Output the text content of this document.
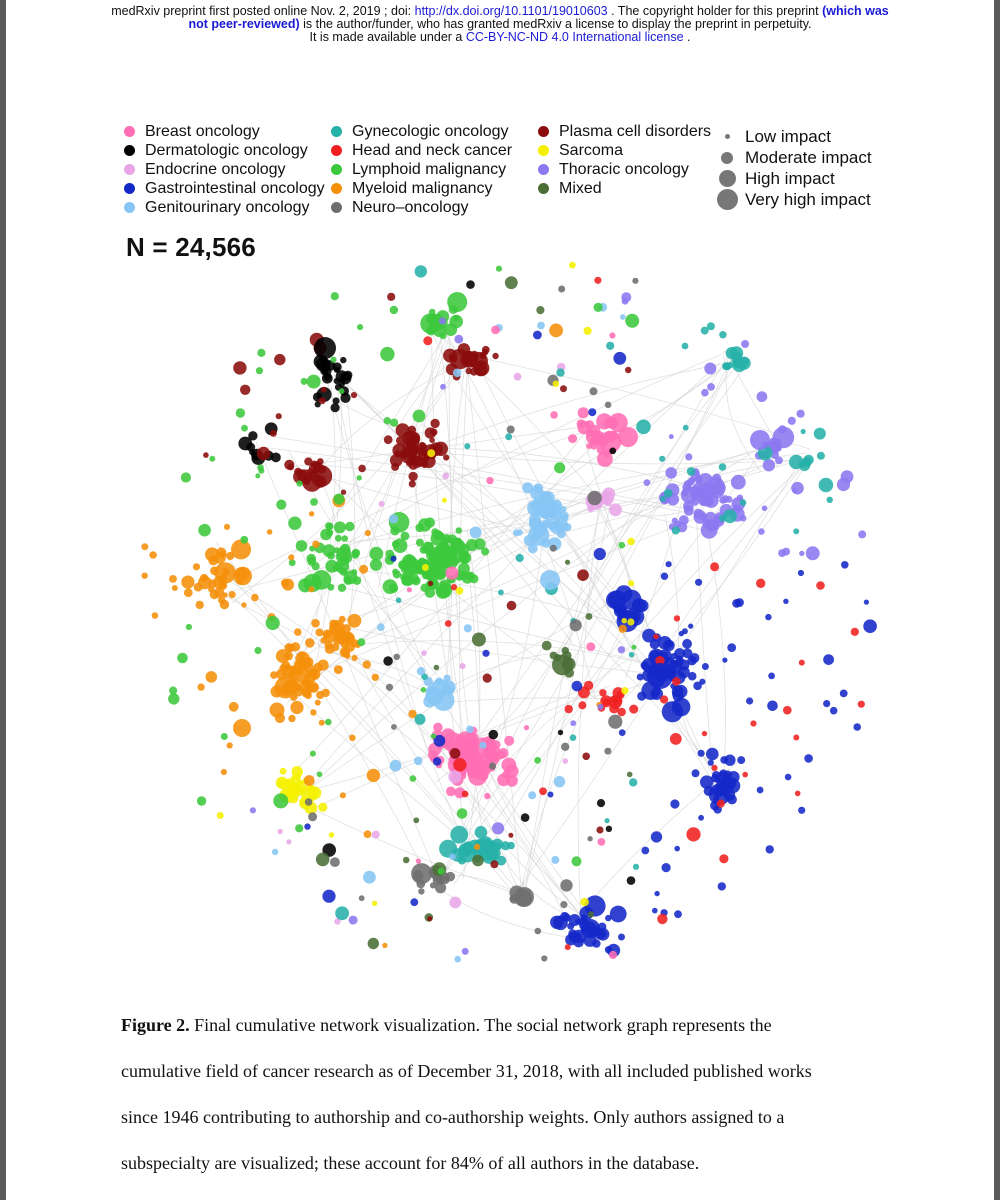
medRxiv preprint first posted online Nov. 2, 2019 ; doi: http://dx.doi.org/10.1101/19010603 . The copyright holder for this preprint (which was
not peer-reviewed) is the author/funder, who has granted medRxiv a license to display the preprint in perpetuity.
It is made available under a CC-BY-NC-ND 4.0 International license .
Breast oncology
Dermatologic oncology
Endocrine oncology
Gastrointestinal oncology
Genitourinary oncology
Gynecologic oncology
Head and neck cancer
Lymphoid malignancy
Myeloid malignancy
Neuro–oncology
Plasma cell disorders
Sarcoma
Thoracic oncology
Mixed
Low impact
Moderate impact
High impact
Very high impact
N = 24,566

Figure 2. Final cumulative network visualization. The social network graph represents the

cumulative field of cancer research as of December 31, 2018, with all included published works

since 1946 contributing to authorship and co-authorship weights. Only authors assigned to a

subspecialty are visualized; these account for 84% of all authors in the database.
